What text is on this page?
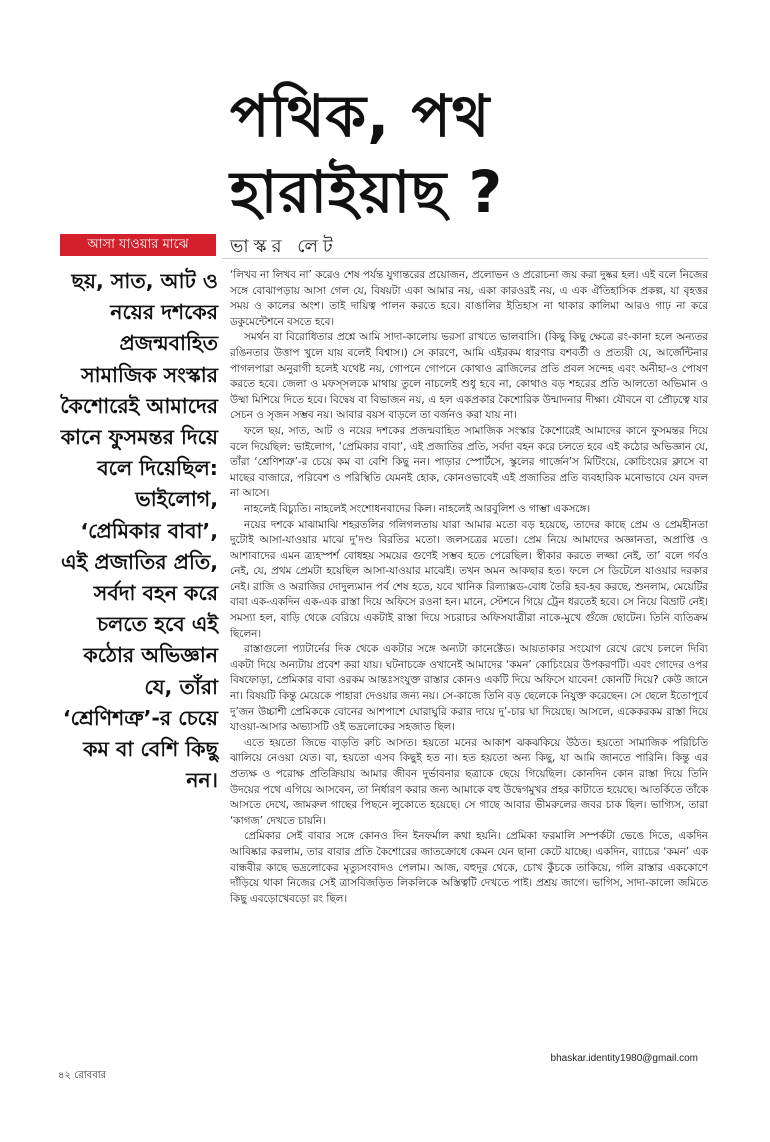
পথিক, পথ
হারাইয়াছ ?
আসা যাওয়ার মাঝে	ভাস্কর লেট

ছয়, সাত, আট ও নয়ের দশকের প্রজন্মবাহিত সামাজিক সংস্কার কৈশোরেই আমাদের কানে ফুসমন্তর দিয়ে বলে দিয়েছিল: ভাইলোগ, ‘প্রেমিকার বাবা’, এই প্রজাতির প্রতি, সর্বদা বহন করে চলতে হবে এই কঠোর অভিজ্ঞান যে, তাঁরা ‘শ্রেণিশত্রু’-র চেয়ে কম বা বেশি কিছু নন।

‘লিখব না লিখব না’ করেও শেষ পর্যন্ত যুগান্তরের প্রয়োজন, প্রলোভন ও প্ররোচনা জয় করা দুষ্কর হল। এই বলে নিজের সঙ্গে বোঝাপড়ায় আসা গেল যে, বিষয়টা একা আমার নয়, একা কারওরই নয়, এ এক ঐতিহাসিক প্রকল্প, যা বৃহত্তর সময় ও কালের অংশ। তাই দায়িত্ব পালন করতে হবে। বাঙালির ইতিহাস না থাকার কালিমা আরও গাঢ় না করে ডকুমেন্টেশনে বসতে হবে।

সমর্থন বা বিরোধিতার প্রশ্নে আমি সাদা-কালোয় ভরসা রাখতে ভালবাসি। (কিছু কিছু ক্ষেত্রে রং-কানা হলে অন্যতর রঙিনতার উত্তাপ খুলে যায় বলেই বিশ্বাস।) সে কারণে, আমি এইরকম ধারণার বশবর্তী ও প্রত্যয়ী যে, আর্জেন্টিনার পাগলপারা অনুরাগী হলেই যথেষ্ট নয়, গোপনে গোপনে কোথাও ব্রাজিলের প্রতি প্রবল সন্দেহ এবং অনীহা-ও পোষণ করতে হবে। জেলা ও মফস্সলকে মাথায় তুলে নাচলেই শুধু হবে না, কোথাও বড় শহরের প্রতি আলতো অভিমান ও উষ্মা মিশিয়ে দিতে হবে। বিদ্বেষ বা বিভাজন নয়, এ হল একপ্রকার কৈশোরিক উন্মাদনার দীক্ষা। যৌবনে বা প্রৌঢ়ত্বে যার সেচন ও সৃজন সম্ভব নয়। আবার বয়স বাড়লে তা বর্জনও করা যায় না।

ফলে ছয়, সাত, আট ও নয়ের দশকের প্রজন্মবাহিত সামাজিক সংস্কার কৈশোরেই আমাদের কানে ফুসমন্তর দিয়ে বলে দিয়েছিল: ভাইলোগ, ‘প্রেমিকার বাবা’, এই প্রজাতির প্রতি, সর্বদা বহন করে চলতে হবে এই কঠোর অভিজ্ঞান যে, তাঁরা ‘শ্রেণিশত্রু’-র চেয়ে কম বা বেশি কিছু নন। পাড়ার স্পোর্টসে, স্কুলের গার্জেন’স মিটিংয়ে, কোচিংয়ের ক্লাসে বা মাছের বাজারে, পরিবেশ ও পরিস্থিতি যেমনই হোক, কোনওভাবেই এই প্রজাতির প্রতি ব্যবহারিক মনোভাবে যেন বদল না আসে।

নাহলেই বিচ্যুতি। নাহলেই সংশোধনবাদের কিল। নাহলেই আরবুলিশ ও গাম্ভা একসঙ্গে।

নয়ের দশকে মাঝামাঝি শহরতলির গলিগলতায় যারা আমার মতো বড় হয়েছে, তাদের কাছে প্রেম ও প্রেমহীনতা দুটোই আসা-যাওয়ার মাঝে দু’দণ্ড বিরতির মতো। জলসত্রের মতো। প্রেম নিয়ে আমাদের অজ্ঞানতা, অপ্রাপ্তি ও আশাবাদের এমন ত্র্যহস্পর্শ বোধহয় সময়ের গুণেই সম্ভব হতে পেরেছিল। স্বীকার করতে লজ্জা নেই, তা’ বলে গর্বও নেই, যে, প্রথম প্রেমটা হয়েছিল আসা-যাওয়ার মাঝেই। তখন অমন আকছার হত। ফলে সে ডিটেলে যাওয়ার দরকার নেই। রাজি ও অরাজির দোদুল্যমান পর্ব শেষ হতে, যবে খানিক রিল্যাক্সড-বোধ তৈরি হব-হব করছে, শুনলাম, মেয়েটির বাবা এক-একদিন এক-এক রাস্তা দিয়ে অফিসে রওনা হন। মানে, স্টেশনে গিয়ে ট্রেন ধরতেই হবে। সে নিয়ে বিভ্রাট নেই। সমস্যা হল, বাড়ি থেকে বেরিয়ে একটাই রাস্তা দিয়ে সচরাচর অফিসযাত্রীরা নাকে-মুখে গুঁজে ছোটেন। তিনি ব্যতিক্রম ছিলেন।

রাস্তাগুলো প্যাটার্নের দিক থেকে একটার সঙ্গে অন্যটা কানেক্টেড। আয়তাকার সংযোগ রেখে রেখে চললে দিব্যি একটা দিয়ে অন্যটায় প্রবেশ করা যায়। ঘটনাচক্রে ওখানেই আমাদের ‘কমন’ কোচিংয়ের উপকরণটি। এবং গোদের ওপর বিষফোড়া, প্রেমিকার বাবা ওরকম আন্তঃসংযুক্ত রাস্তার কোনও একটি দিয়ে অফিসে যাবেন! কোনটি দিয়ে? কেউ জানে না। বিষয়টি কিন্তু মেয়েকে পাহারা দেওয়ার জন্য নয়। সে-কাজে তিনি বড় ছেলেকে নিযুক্ত করেছেন। সে ছেলে ইতোপূর্বে দু’জন উচ্চাশী প্রেমিককে বোনের আশপাশে ঘোরাঘুরি করার দায়ে দু’-চার ঘা দিয়েছে। আসলে, একেকরকম রাস্তা দিয়ে যাওয়া-আসার অভ্যাসটি ওই ভদ্রলোকের সহজাত ছিল।

এতে হয়তো জিভে বাড়তি রুচি আসত। হয়তো মনের আকাশ ঝকঝকিয়ে উঠত। হয়তো সামাজিক পরিচিতি ঝালিয়ে নেওয়া যেত। বা, হয়তো এসব কিছুই হত না। হত হয়তো অন্য কিছু, যা আমি জানতে পারিনি। কিন্তু এর প্রত্যক্ষ ও পরোক্ষ প্রতিক্রিয়ায় আমার জীবন দুর্ভাবনার ছত্রাকে ছেয়ে গিয়েছিল। কোনদিন কোন রাস্তা দিয়ে তিনি উদয়ের পথে এগিয়ে আসবেন, তা নির্ধারণ করার জন্য আমাকে বহু উদ্বেগমুখর প্রহর কাটাতে হয়েছে। আতর্কিতে তাঁকে আসতে দেখে, জামরুল গাছের পিছনে লুকোতে হয়েছে। সে গাছে আবার ভীমরুলের জবর চাক ছিল। ভাগ্যিস, তারা ‘কাগজ’ দেখতে চায়নি।

প্রেমিকার সেই বাবার সঙ্গে কোনও দিন ইনফর্মাল কথা হয়নি। প্রেমিকা ফরমালি সম্পর্কটা ভেঙে দিতে, একদিন আবিষ্কার করলাম, তার বাবার প্রতি কৈশোরের জাতক্রোধে কেমন যেন ছানা কেটে যাচ্ছে। একদিন, ব্যাচের ‘কমন’ এক বান্ধবীর কাছে ভদ্রলোকের মৃত্যুসংবাদও পেলাম। আজ, বহুদূর থেকে, চোখ কুঁচকে তাকিয়ে, গলি রাস্তার এককোণে দাঁড়িয়ে থাকা নিজের সেই ত্রাসবিজড়িত লিকলিকে অস্তিত্বটি দেখতে পাই। প্রশ্রয় জাগে। ভাগিস, সাদা-কালো জমিতে কিছু এবড়োখেবড়ো রং ছিল।

bhaskar.identity1980@gmail.com
৪২ রোববার
